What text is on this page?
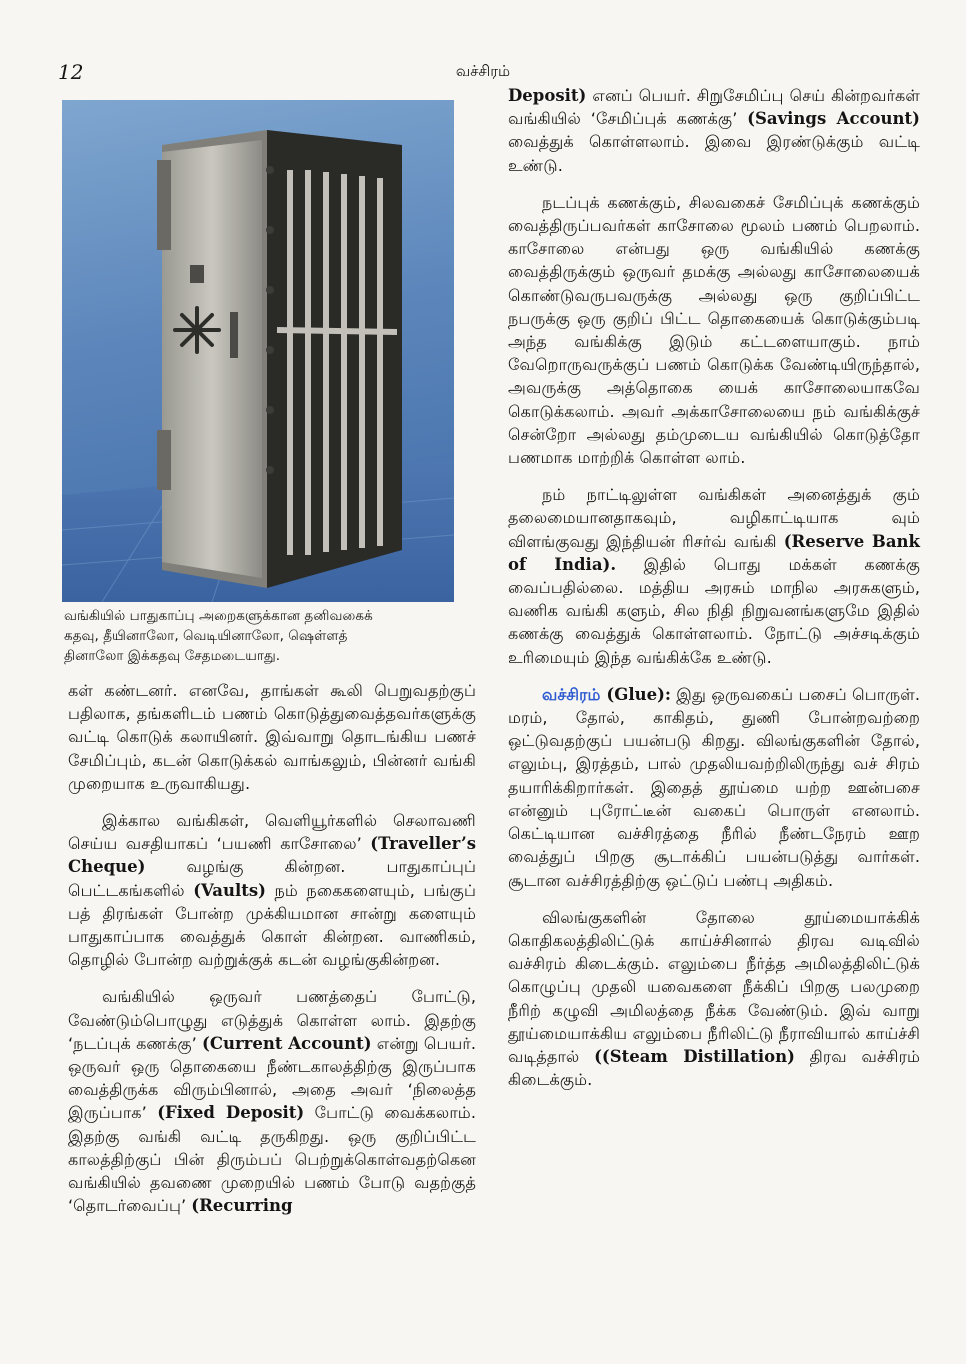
12	வச்சிரம்
வங்கியில் பாதுகாப்பு அறைகளுக்கான தனிவகைக்
கதவு, தீயினாலோ, வெடியினாலோ, ஷெள்ளத்
தினாலோ இக்கதவு சேதமடையாது.

கள் கண்டனர். எனவே, தாங்கள் கூலி பெறுவதற்குப் பதிலாக, தங்களிடம் பணம் கொடுத்துவைத்தவர்களுக்கு வட்டி கொடுக் கலாயினர். இவ்வாறு தொடங்கிய பணச் சேமிப்பும், கடன் கொடுக்கல் வாங்கலும், பின்னர் வங்கி முறையாக உருவாகியது.

இக்கால வங்கிகள், வெளியூர்களில் செலாவணி செய்ய வசதியாகப் ‘பயணி காசோலை’ (Traveller’s Cheque) வழங்கு கின்றன. பாதுகாப்புப் பெட்டகங்களில் (Vaults) நம் நகைகளையும், பங்குப் பத் திரங்கள் போன்ற முக்கியமான சான்று களையும் பாதுகாப்பாக வைத்துக் கொள் கின்றன. வாணிகம், தொழில் போன்ற வற்றுக்குக் கடன் வழங்குகின்றன.

வங்கியில் ஒருவர் பணத்தைப் போட்டு, வேண்டும்பொழுது எடுத்துக் கொள்ள லாம். இதற்கு ‘நடப்புக் கணக்கு’ (Current Account) என்று பெயர். ஒருவர் ஒரு தொகையை நீண்டகாலத்திற்கு இருப்பாக வைத்திருக்க விரும்பினால், அதை அவர் ‘நிலைத்த இருப்பாக’ (Fixed Deposit) போட்டு வைக்கலாம். இதற்கு வங்கி வட்டி தருகிறது. ஒரு குறிப்பிட்ட காலத்திற்குப் பின் திரும்பப் பெற்றுக்கொள்வதற்கென வங்கியில் தவணை முறையில் பணம் போடு வதற்குத் ‘தொடர்வைப்பு’ (Recurring

Deposit) எனப் பெயர். சிறுசேமிப்பு செய் கின்றவர்கள் வங்கியில் ‘சேமிப்புக் கணக்கு’ (Savings Account) வைத்துக் கொள்ளலாம். இவை இரண்டுக்கும் வட்டி உண்டு.

நடப்புக் கணக்கும், சிலவகைச் சேமிப்புக் கணக்கும் வைத்திருப்பவர்கள் காசோலை மூலம் பணம் பெறலாம். காசோலை என்பது ஒரு வங்கியில் கணக்கு வைத்திருக்கும் ஒருவர் தமக்கு அல்லது காசோலையைக் கொண்டுவருபவருக்கு அல்லது ஒரு குறிப்பிட்ட நபருக்கு ஒரு குறிப் பிட்ட தொகையைக் கொடுக்கும்படி அந்த வங்கிக்கு இடும் கட்டளையாகும். நாம் வேறொருவருக்குப் பணம் கொடுக்க வேண்டியிருந்தால், அவருக்கு அத்தொகை யைக் காசோலையாகவே கொடுக்கலாம். அவர் அக்காசோலையை நம் வங்கிக்குச் சென்றோ அல்லது தம்முடைய வங்கியில் கொடுத்தோ பணமாக மாற்றிக் கொள்ள லாம்.

நம் நாட்டிலுள்ள வங்கிகள் அனைத்துக் கும் தலைமையானதாகவும், வழிகாட்டியாக வும் விளங்குவது இந்தியன் ரிசர்வ் வங்கி (Reserve Bank of India). இதில் பொது மக்கள் கணக்கு வைப்பதில்லை. மத்திய அரசும் மாநில அரசுகளும், வணிக வங்கி களும், சில நிதி நிறுவனங்களுமே இதில் கணக்கு வைத்துக் கொள்ளலாம். நோட்டு அச்சடிக்கும் உரிமையும் இந்த வங்கிக்கே உண்டு.

வச்சிரம் (Glue): இது ஒருவகைப் பசைப் பொருள். மரம், தோல், காகிதம், துணி போன்றவற்றை ஒட்டுவதற்குப் பயன்படு கிறது. விலங்குகளின் தோல், எலும்பு, இரத்தம், பால் முதலியவற்றிலிருந்து வச் சிரம் தயாரிக்கிறார்கள். இதைத் தூய்மை யற்ற ஊன்பசை என்னும் புரோட்டீன் வகைப் பொருள் எனலாம். கெட்டியான வச்சிரத்தை நீரில் நீண்டநேரம் ஊற வைத்துப் பிறகு சூடாக்கிப் பயன்படுத்து வார்கள். சூடான வச்சிரத்திற்கு ஒட்டுப் பண்பு அதிகம்.

விலங்குகளின் தோலை தூய்மையாக்கிக் கொதிகலத்திலிட்டுக் காய்ச்சினால் திரவ வடிவில் வச்சிரம் கிடைக்கும். எலும்பை நீர்த்த அமிலத்திலிட்டுக் கொழுப்பு முதலி யவைகளை நீக்கிப் பிறகு பலமுறை நீரிற் கழுவி அமிலத்தை நீக்க வேண்டும். இவ் வாறு தூய்மையாக்கிய எலும்பை நீரிலிட்டு நீராவியால் காய்ச்சி வடித்தால் ((Steam Distillation) திரவ வச்சிரம் கிடைக்கும்.
